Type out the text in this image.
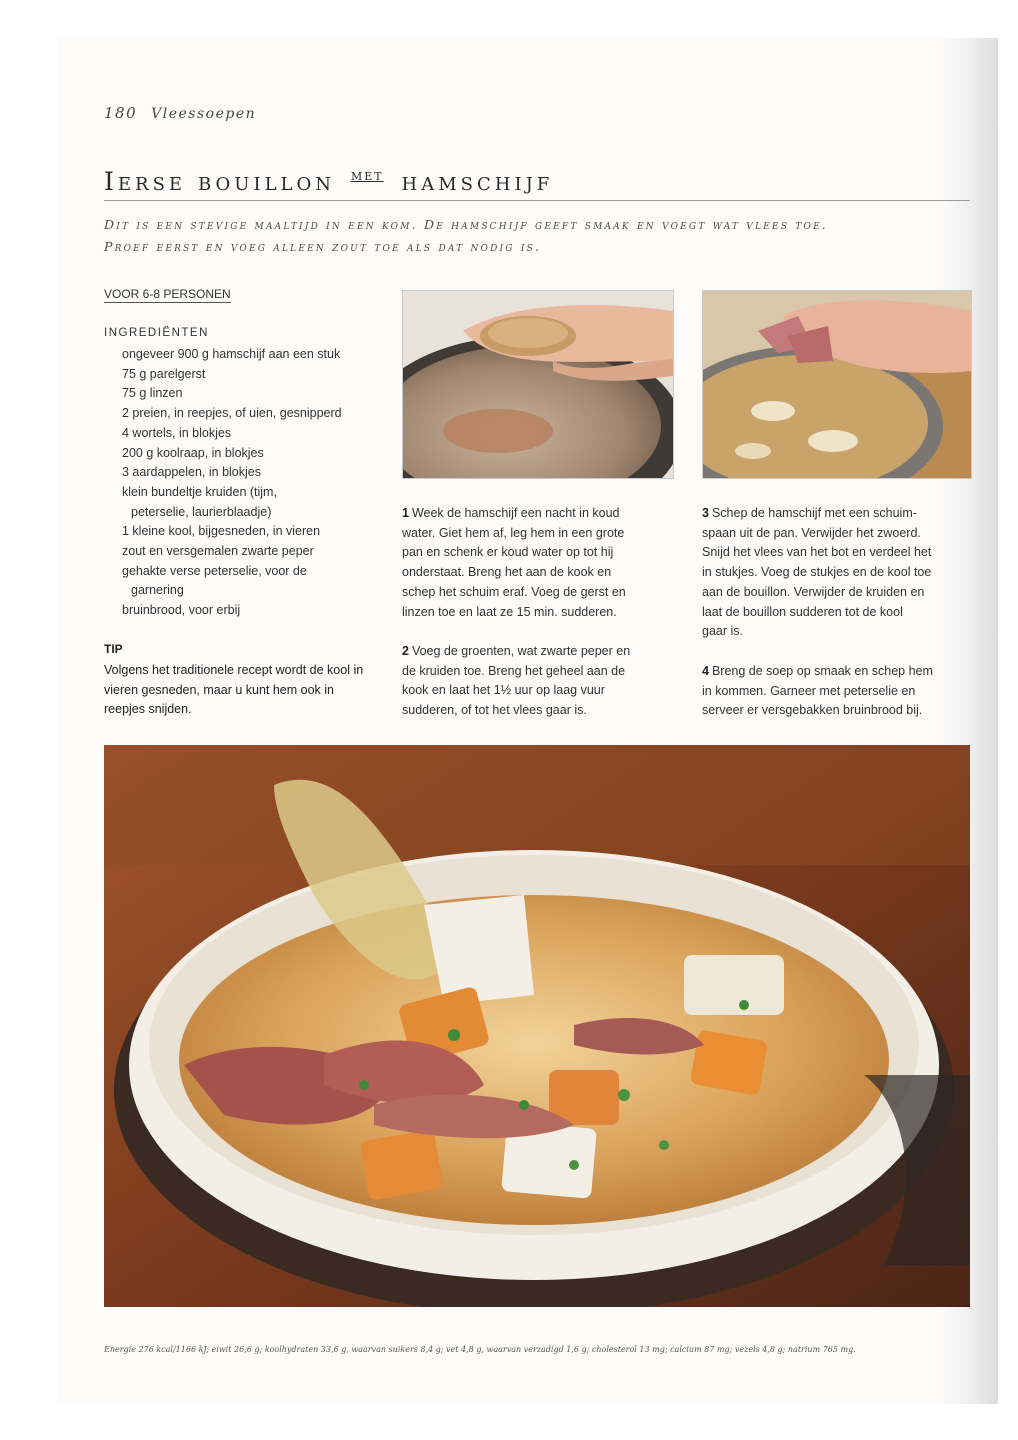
180 Vleessoepen
Ierse bouillon $^{MET}$ hamschijf
Dit is een stevige maaltijd in een kom. De hamschijf geeft smaak en voegt wat vlees toe.
Proef eerst en voeg alleen zout toe als dat nodig is.
VOOR 6-8 PERSONEN
INGREDIËNTEN
ongeveer 900 g hamschijf aan een stuk
75 g parelgerst
75 g linzen
2 preien, in reepjes, of uien, gesnipperd
4 wortels, in blokjes
200 g koolraap, in blokjes
3 aardappelen, in blokjes
klein bundeltje kruiden (tijm,
peterselie, laurierblaadje)
1 kleine kool, bijgesneden, in vieren
zout en versgemalen zwarte peper
gehakte verse peterselie, voor de
garnering
bruinbrood, voor erbij
TIP
Volgens het traditionele recept wordt de kool in vieren gesneden, maar u kunt hem ook in reepjes snijden.
1 Week de hamschijf een nacht in koud
water. Giet hem af, leg hem in een grote
pan en schenk er koud water op tot hij
onderstaat. Breng het aan de kook en
schep het schuim eraf. Voeg de gerst en
linzen toe en laat ze 15 min. sudderen.
2 Voeg de groenten, wat zwarte peper en
de kruiden toe. Breng het geheel aan de
kook en laat het 1½ uur op laag vuur
sudderen, of tot het vlees gaar is.
3 Schep de hamschijf met een schuim-
spaan uit de pan. Verwijder het zwoerd.
Snijd het vlees van het bot en verdeel het
in stukjes. Voeg de stukjes en de kool toe
aan de bouillon. Verwijder de kruiden en
laat de bouillon sudderen tot de kool
gaar is.
4 Breng de soep op smaak en schep hem
in kommen. Garneer met peterselie en
serveer er versgebakken bruinbrood bij.
Energie 276 kcal/1166 kJ; eiwit 26,6 g; koolhydraten 33,6 g, waarvan suikers 8,4 g; vet 4,8 g, waarvan verzadigd 1,6 g; cholesterol 13 mg; calcium 87 mg; vezels 4,8 g; natrium 765 mg.
